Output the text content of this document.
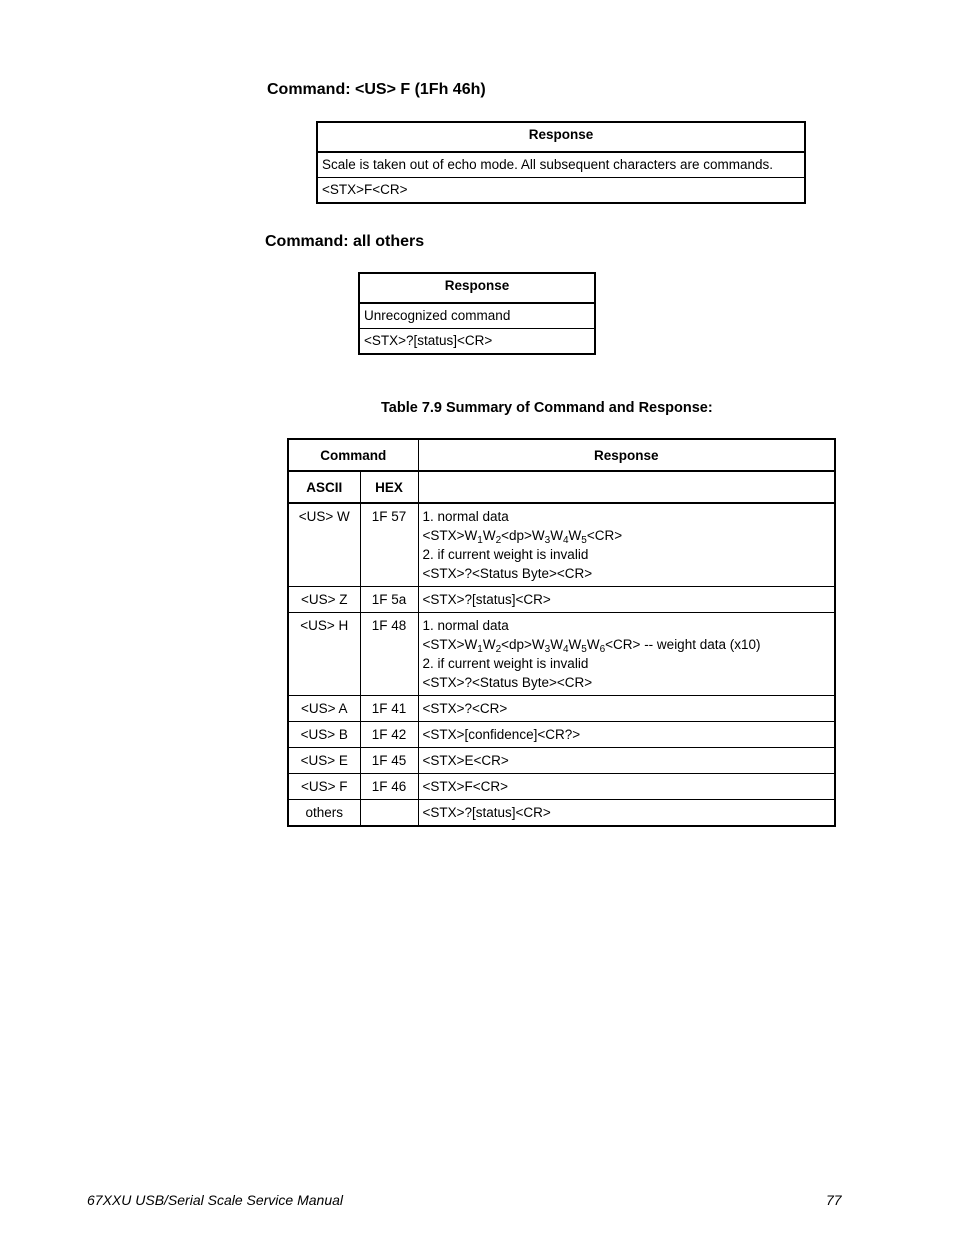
Command: <US> F (1Fh 46h)
Response
Scale is taken out of echo mode. All subsequent characters are commands.
<STX>F<CR>
Command: all others
Response
Unrecognized command
<STX>?[status]<CR>
Table 7.9 Summary of Command and Response:
Command		Response
ASCII	HEX	
<US> W	1F 57	1. normal data
$<STX>W_1W_2<dp>W_3W_4W_5<CR>$
2. if current weight is invalid
<STX>?<Status Byte><CR>

<US> Z	1F 5a	<STX>?[status]<CR>

<US> H	1F 48	1. normal data
$<STX>W_1W_2<dp>W_3W_4W_5W_6<CR>$ -- weight data (x10)
2. if current weight is invalid
<STX>?<Status Byte><CR>

<US> A	1F 41	<STX>?<CR>

<US> B	1F 42	<STX>[confidence]<CR?>

<US> E	1F 45	<STX>E<CR>

<US> F	1F 46	<STX>F<CR>

others		<STX>?[status]<CR>
67XXU USB/Serial Scale Service Manual	77
